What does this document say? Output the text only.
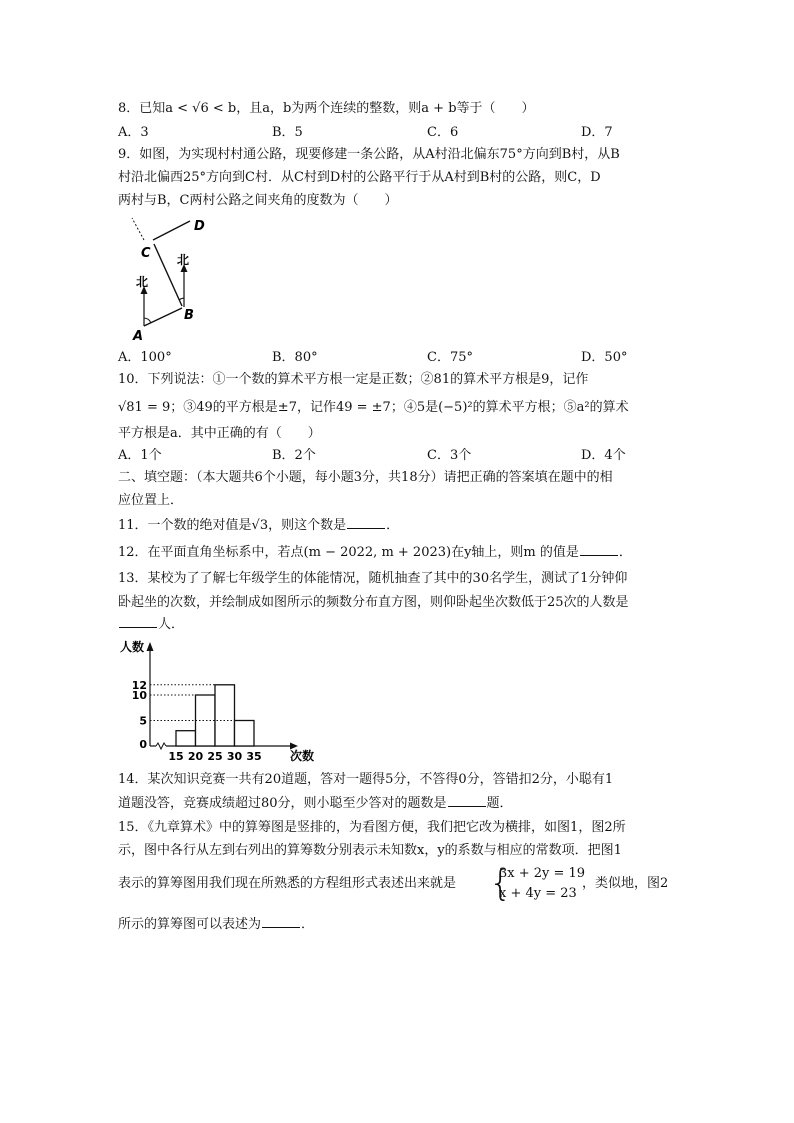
8．已知a < √6 < b，且a，b为两个连续的整数，则a + b等于（　　）
A．3	B．5	C．6	D．7
9．如图，为实现村村通公路，现要修建一条公路，从A村沿北偏东75°方向到B村，从B
村沿北偏西25°方向到C村．从C村到D村的公路平行于从A村到B村的公路，则C，D
两村与B，C两村公路之间夹角的度数为（　　）
D
C
北
北
B
A
A．100°	B．80°	C．75°	D．50°
10．下列说法：①一个数的算术平方根一定是正数；②81的算术平方根是9，记作
√81 = 9；③49的平方根是±7，记作49 = ±7；④5是(−5)²的算术平方根；⑤a²的算术
平方根是a．其中正确的有（　　）
A．1个	B．2个	C．3个	D．4个
二、填空题：（本大题共6个小题，每小题3分，共18分）请把正确的答案填在题中的相
应位置上．
11．一个数的绝对值是√3，则这个数是	．
12．在平面直角坐标系中，若点(m − 2022, m + 2023)在y轴上，则m 的值是	．
13．某校为了了解七年级学生的体能情况，随机抽查了其中的30名学生，测试了1分钟仰
卧起坐的次数，并绘制成如图所示的频数分布直方图，则仰卧起坐次数低于25次的人数是
人．
0
5
10
12
15 20 25 30 35
人数
次数
14．某次知识竞赛一共有20道题，答对一题得5分，不答得0分，答错扣2分，小聪有1
道题没答，竞赛成绩超过80分，则小聪至少答对的题数是	题．
15．《九章算术》中的算筹图是竖排的，为看图方便，我们把它改为横排，如图1，图2所
示，图中各行从左到右列出的算筹数分别表示未知数x，y的系数与相应的常数项．把图1
表示的算筹图用我们现在所熟悉的方程组形式表述出来就是 {
3x + 2y = 19
x + 4y = 23
，类似地，图2
所示的算筹图可以表述为	．
